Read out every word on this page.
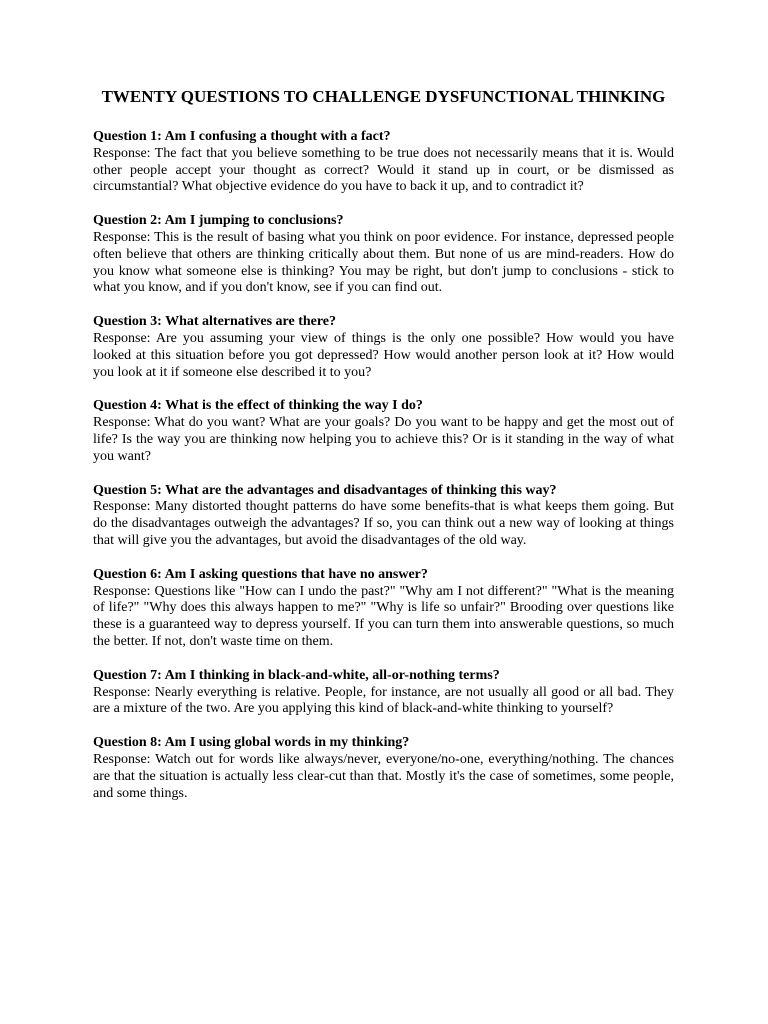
TWENTY QUESTIONS TO CHALLENGE DYSFUNCTIONAL THINKING

Question 1: Am I confusing a thought with a fact?

Response: The fact that you believe something to be true does not necessarily means that it is. Would other people accept your thought as correct? Would it stand up in court, or be dismissed as circumstantial? What objective evidence do you have to back it up, and to contradict it?

Question 2: Am I jumping to conclusions?

Response: This is the result of basing what you think on poor evidence. For instance, depressed people often believe that others are thinking critically about them. But none of us are mind-readers. How do you know what someone else is thinking? You may be right, but don't jump to conclusions - stick to what you know, and if you don't know, see if you can find out.

Question 3: What alternatives are there?

Response: Are you assuming your view of things is the only one possible? How would you have looked at this situation before you got depressed? How would another person look at it? How would you look at it if someone else described it to you?

Question 4: What is the effect of thinking the way I do?

Response: What do you want? What are your goals? Do you want to be happy and get the most out of life? Is the way you are thinking now helping you to achieve this? Or is it standing in the way of what you want?

Question 5: What are the advantages and disadvantages of thinking this way?

Response: Many distorted thought patterns do have some benefits-that is what keeps them going. But do the disadvantages outweigh the advantages? If so, you can think out a new way of looking at things that will give you the advantages, but avoid the disadvantages of the old way.

Question 6: Am I asking questions that have no answer?

Response: Questions like "How can I undo the past?" "Why am I not different?" "What is the meaning of life?" "Why does this always happen to me?" "Why is life so unfair?" Brooding over questions like these is a guaranteed way to depress yourself. If you can turn them into answerable questions, so much the better. If not, don't waste time on them.

Question 7: Am I thinking in black-and-white, all-or-nothing terms?

Response: Nearly everything is relative. People, for instance, are not usually all good or all bad. They are a mixture of the two. Are you applying this kind of black-and-white thinking to yourself?

Question 8: Am I using global words in my thinking?

Response: Watch out for words like always/never, everyone/no-one, everything/nothing. The chances are that the situation is actually less clear-cut than that. Mostly it's the case of sometimes, some people, and some things.
